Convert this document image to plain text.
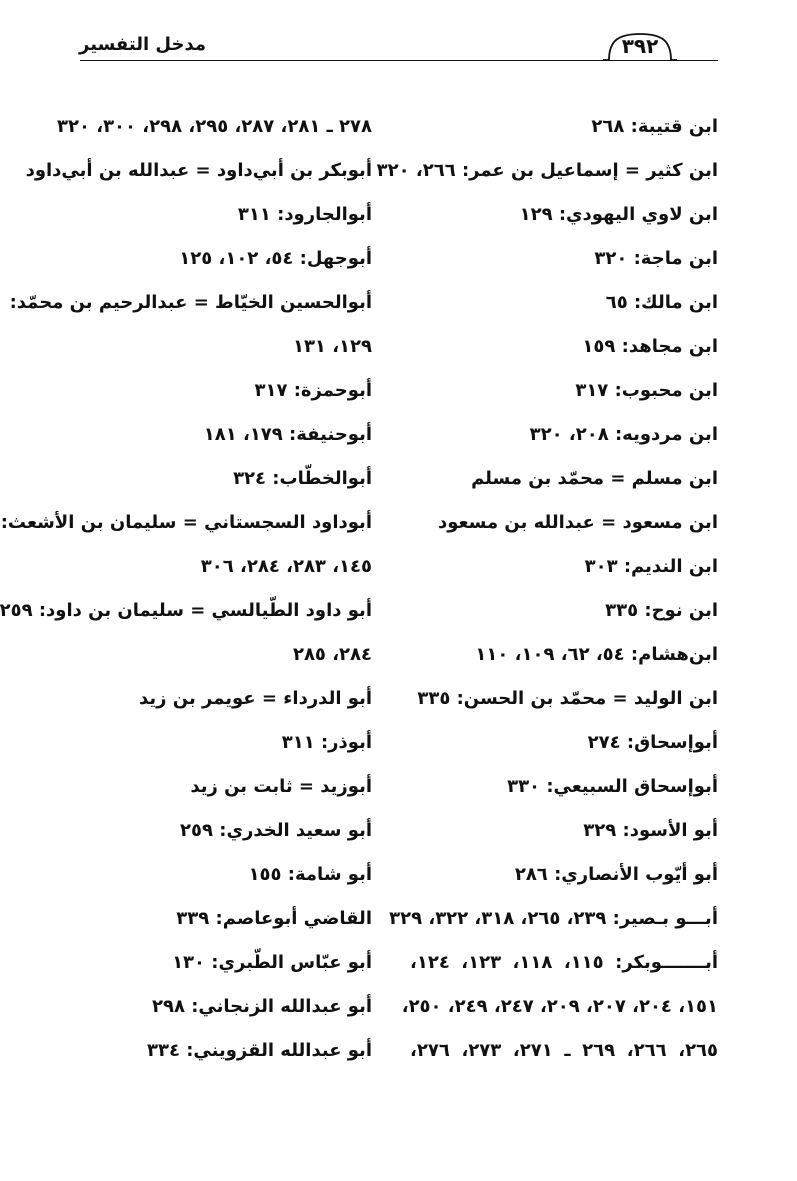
مدخل التفسير	٣٩٢
ابن قتيبة: ٢٦٨
ابن كثير = إسماعيل بن عمر: ٢٦٦، ٣٢٠
ابن لاوي اليهودي: ١٢٩
ابن ماجة: ٣٢٠
ابن مالك: ٦٥
ابن مجاهد: ١٥٩
ابن محبوب: ٣١٧
ابن مردويه: ٢٠٨، ٣٢٠
ابن مسلم = محمّد بن مسلم
ابن مسعود = عبدالله بن مسعود
ابن النديم: ٣٠٣
ابن نوح: ٣٣٥
ابن‌هشام: ٥٤، ٦٢، ١٠٩، ١١٠
ابن الوليد = محمّد بن الحسن: ٣٣٥
أبوإسحاق: ٢٧٤
أبوإسحاق السبيعي: ٣٣٠
أبو الأسود: ٣٢٩
أبو أيّوب الأنصاري: ٢٨٦
أبـــو بـصير: ٢٣٩، ٢٦٥، ٣١٨، ٣٢٢، ٣٢٩
أبـــــــوبكر: ١١٥، ١١٨، ١٢٣، ١٢٤،
١٥١، ٢٠٤، ٢٠٧، ٢٠٩، ٢٤٧، ٢٤٩، ٢٥٠،
٢٦٥، ٢٦٦، ٢٦٩ ـ ٢٧١، ٢٧٣، ٢٧٦،
٢٧٨ ـ ٢٨١، ٢٨٧، ٢٩٥، ٢٩٨، ٣٠٠، ٣٢٠
أبوبكر بن أبي‌داود = عبدالله بن أبي‌داود
أبوالجارود: ٣١١
أبوجهل: ٥٤، ١٠٢، ١٢٥
أبوالحسين الخيّاط = عبدالرحيم بن محمّد:
١٢٩، ١٣١
أبوحمزة: ٣١٧
أبوحنيفة: ١٧٩، ١٨١
أبوالخطّاب: ٣٢٤
أبوداود السجستاني = سليمان بن الأشعث:
١٤٥، ٢٨٣، ٢٨٤، ٣٠٦
أبو داود الطّيالسي = سليمان بن داود: ٢٥٩
٢٨٤، ٢٨٥
أبو الدرداء = عويمر بن زيد
أبوذر: ٣١١
أبوزيد = ثابت بن زيد
أبو سعيد الخدري: ٢٥٩
أبو شامة: ١٥٥
القاضي أبوعاصم: ٣٣٩
أبو عبّاس الطّبري: ١٣٠
أبو عبدالله الزنجاني: ٢٩٨
أبو عبدالله القزويني: ٣٣٤
